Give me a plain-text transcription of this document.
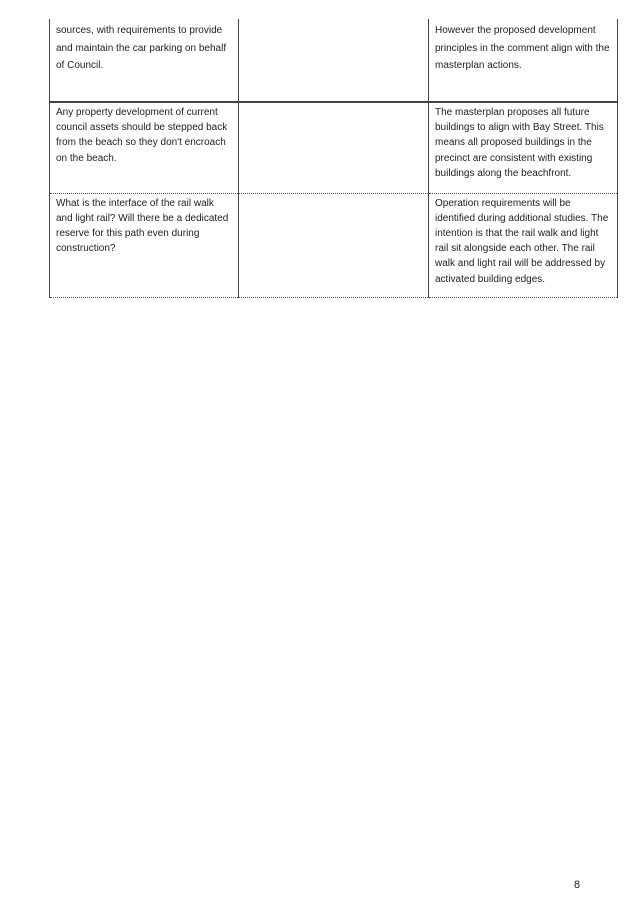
sources, with requirements to provide and maintain the car parking on behalf of Council.		However the proposed development principles in the comment align with the masterplan actions.
Any property development of current council assets should be stepped back from the beach so they don't encroach on the beach.		The masterplan proposes all future buildings to align with Bay Street. This means all proposed buildings in the precinct are consistent with existing buildings along the beachfront.
What is the interface of the rail walk and light rail? Will there be a dedicated reserve for this path even during construction?		Operation requirements will be identified during additional studies. The intention is that the rail walk and light rail sit alongside each other. The rail walk and light rail will be addressed by activated building edges.
8
